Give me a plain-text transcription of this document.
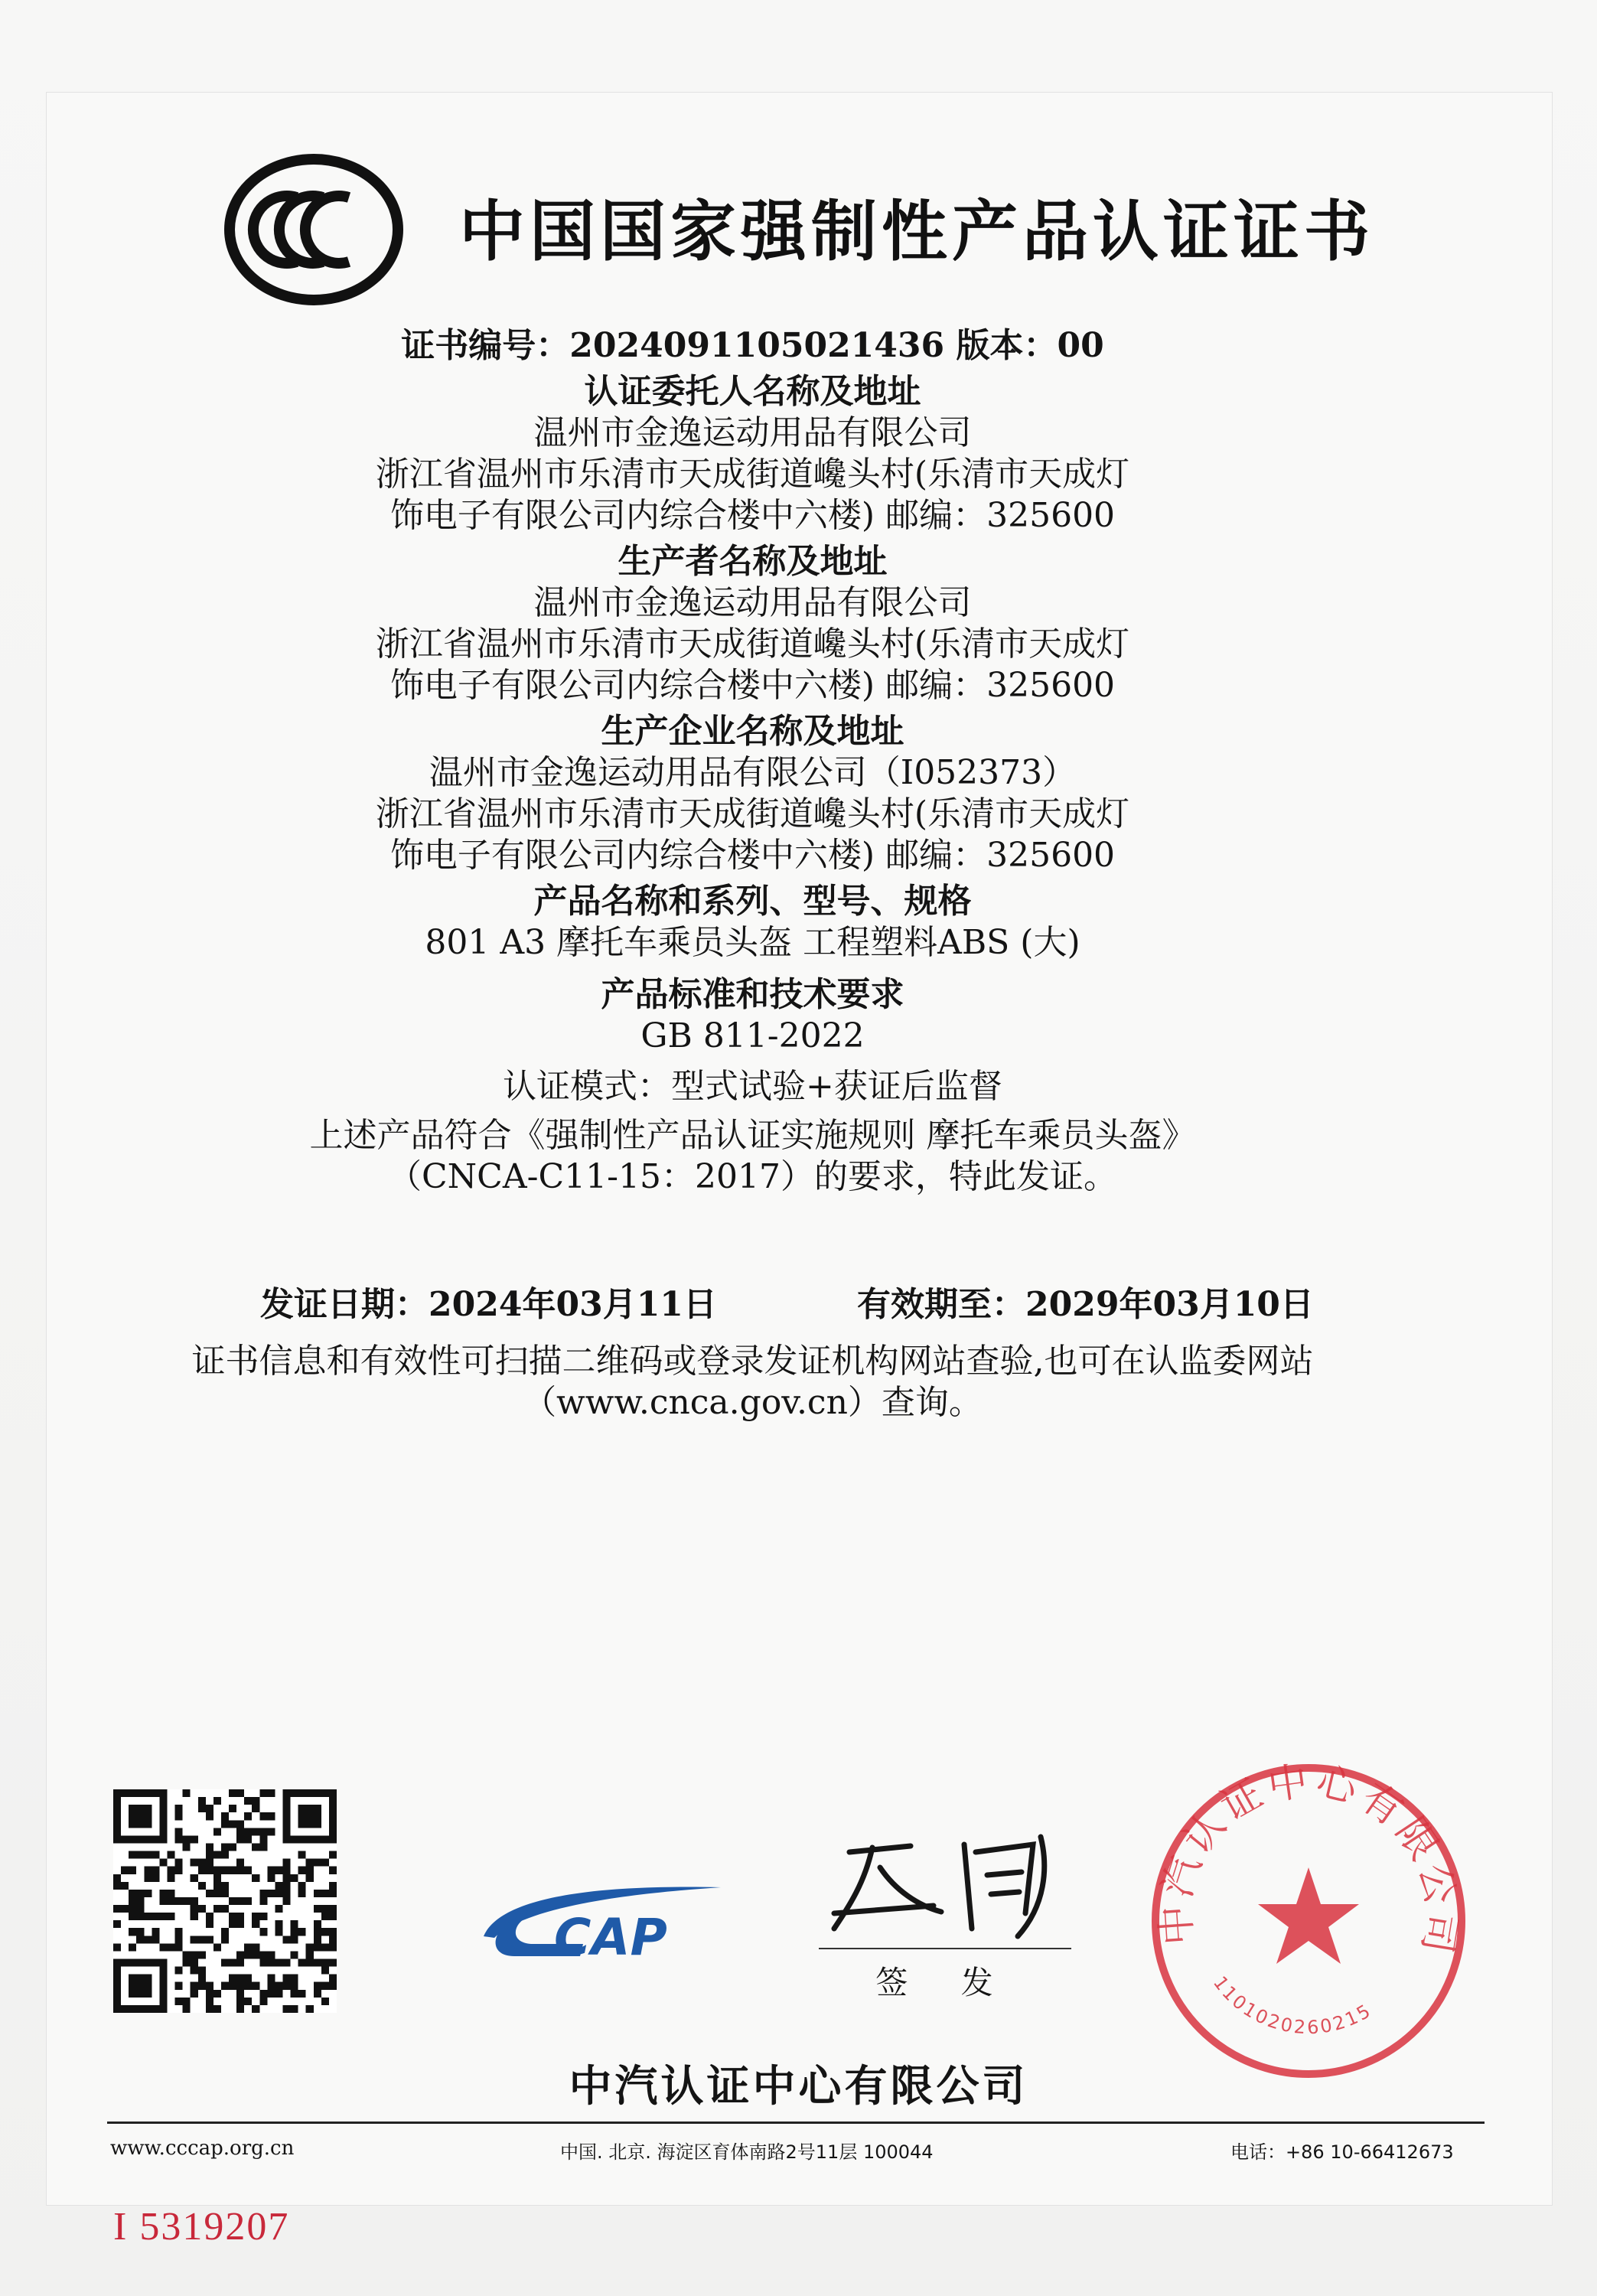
中国国家强制性产品认证证书
证书编号：2024091105021436 版本：00
认证委托人名称及地址
温州市金逸运动用品有限公司
浙江省温州市乐清市天成街道巉头村(乐清市天成灯
饰电子有限公司内综合楼中六楼) 邮编：325600
生产者名称及地址
温州市金逸运动用品有限公司
浙江省温州市乐清市天成街道巉头村(乐清市天成灯
饰电子有限公司内综合楼中六楼) 邮编：325600
生产企业名称及地址
温州市金逸运动用品有限公司（I052373）
浙江省温州市乐清市天成街道巉头村(乐清市天成灯
饰电子有限公司内综合楼中六楼) 邮编：325600
产品名称和系列、型号、规格
801 A3 摩托车乘员头盔 工程塑料ABS (大)
产品标准和技术要求
GB 811-2022
认证模式：型式试验+获证后监督
上述产品符合《强制性产品认证实施规则 摩托车乘员头盔》
（CNCA-C11-15：2017）的要求，特此发证。
发证日期：2024年03月11日	有效期至：2029年03月10日
证书信息和有效性可扫描二维码或登录发证机构网站查验,也可在认监委网站
（www.cnca.gov.cn）查询。
CAP
签 发
中汽认证中心有限公司
1101020260215
中汽认证中心有限公司
www.cccap.org.cn	中国. 北京. 海淀区育体南路2号11层 100044	电话：+86 10-66412673
I 5319207
